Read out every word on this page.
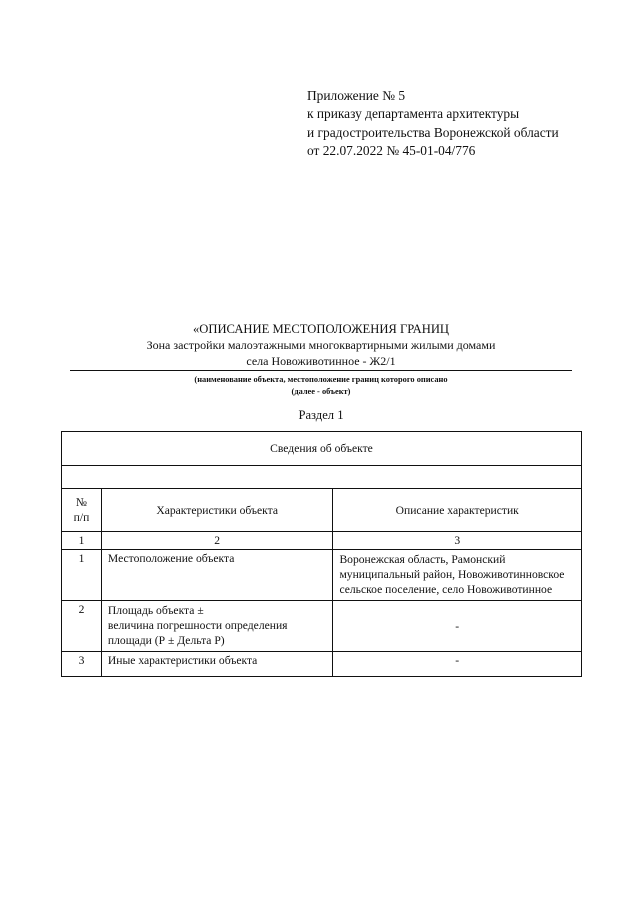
Приложение № 5
к приказу департамента архитектуры
и градостроительства Воронежской области
от 22.07.2022 № 45-01-04/776
«ОПИСАНИЕ МЕСТОПОЛОЖЕНИЯ ГРАНИЦ
Зона застройки малоэтажными многоквартирными жилыми домами
села Новоживотинное - Ж2/1
(наименование объекта, местоположение границ которого описано
(далее - объект)
Раздел 1
Сведения об объекте		

№
п/п	Характеристики объекта	Описание характеристик
1	2	3
1	Местоположение объекта	Воронежская область, Рамонский муниципальный район, Новоживотинновское сельское поселение, село Новоживотинное
2	Площадь объекта ±
величина погрешности определения площади (Р ± Дельта Р)	-
3	Иные характеристики объекта	-
